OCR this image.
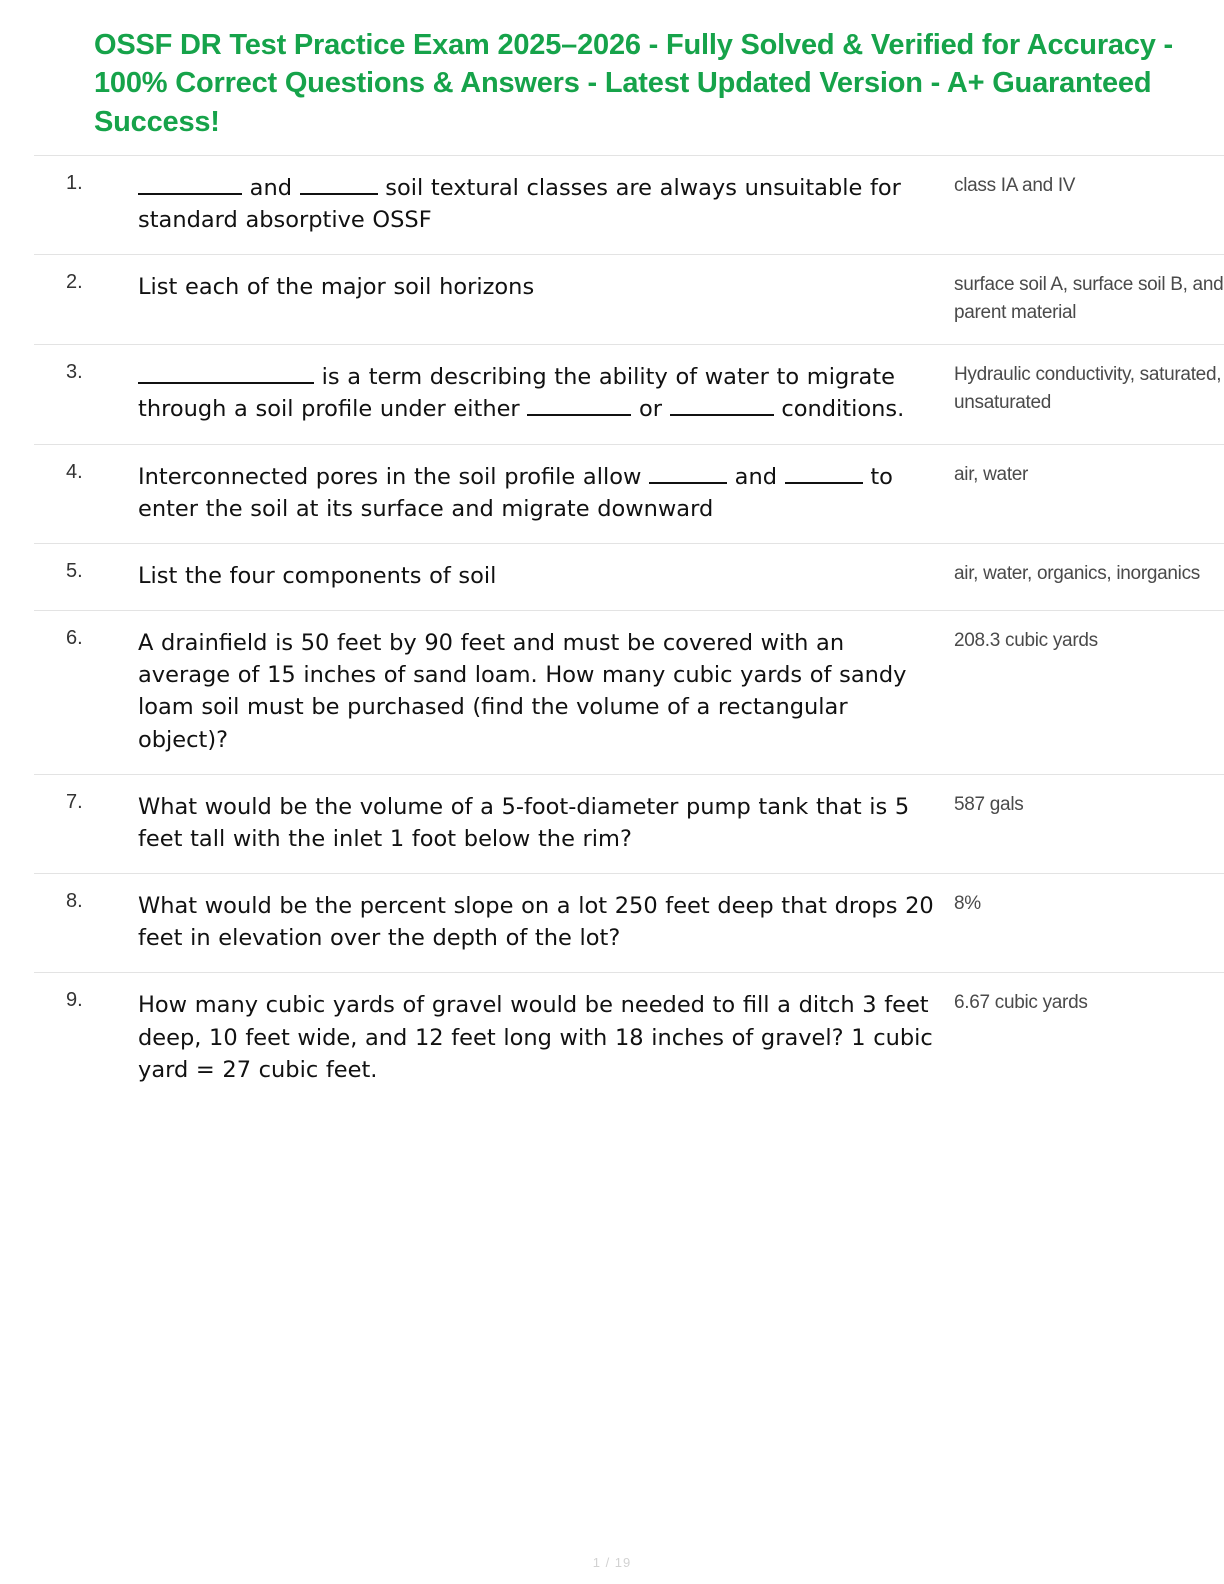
OSSF DR Test Practice Exam 2025–2026 - Fully Solved & Verified for Accuracy - 100% Correct Questions & Answers - Latest Updated Version - A+ Guaranteed Success!
1.	and soil textural classes are always unsuitable for standard absorptive OSSF	class IA and IV
2.	List each of the major soil horizons	surface soil A, surface soil B, and parent material
3.	is a term describing the ability of water to migrate through a soil profile under either or conditions.	Hydraulic conductivity, saturated, unsaturated
4.	Interconnected pores in the soil profile allow and to enter the soil at its surface and migrate downward	air, water
5.	List the four components of soil	air, water, organics, inorganics
6.	A drainfield is 50 feet by 90 feet and must be covered with an average of 15 inches of sand loam. How many cubic yards of sandy loam soil must be purchased (find the volume of a rectangular object)?	208.3 cubic yards
7.	What would be the volume of a 5-foot-diameter pump tank that is 5 feet tall with the inlet 1 foot below the rim?	587 gals
8.	What would be the percent slope on a lot 250 feet deep that drops 20 feet in elevation over the depth of the lot?	8%
9.	How many cubic yards of gravel would be needed to fill a ditch 3 feet deep, 10 feet wide, and 12 feet long with 18 inches of gravel? 1 cubic yard = 27 cubic feet.	6.67 cubic yards
1 / 19
